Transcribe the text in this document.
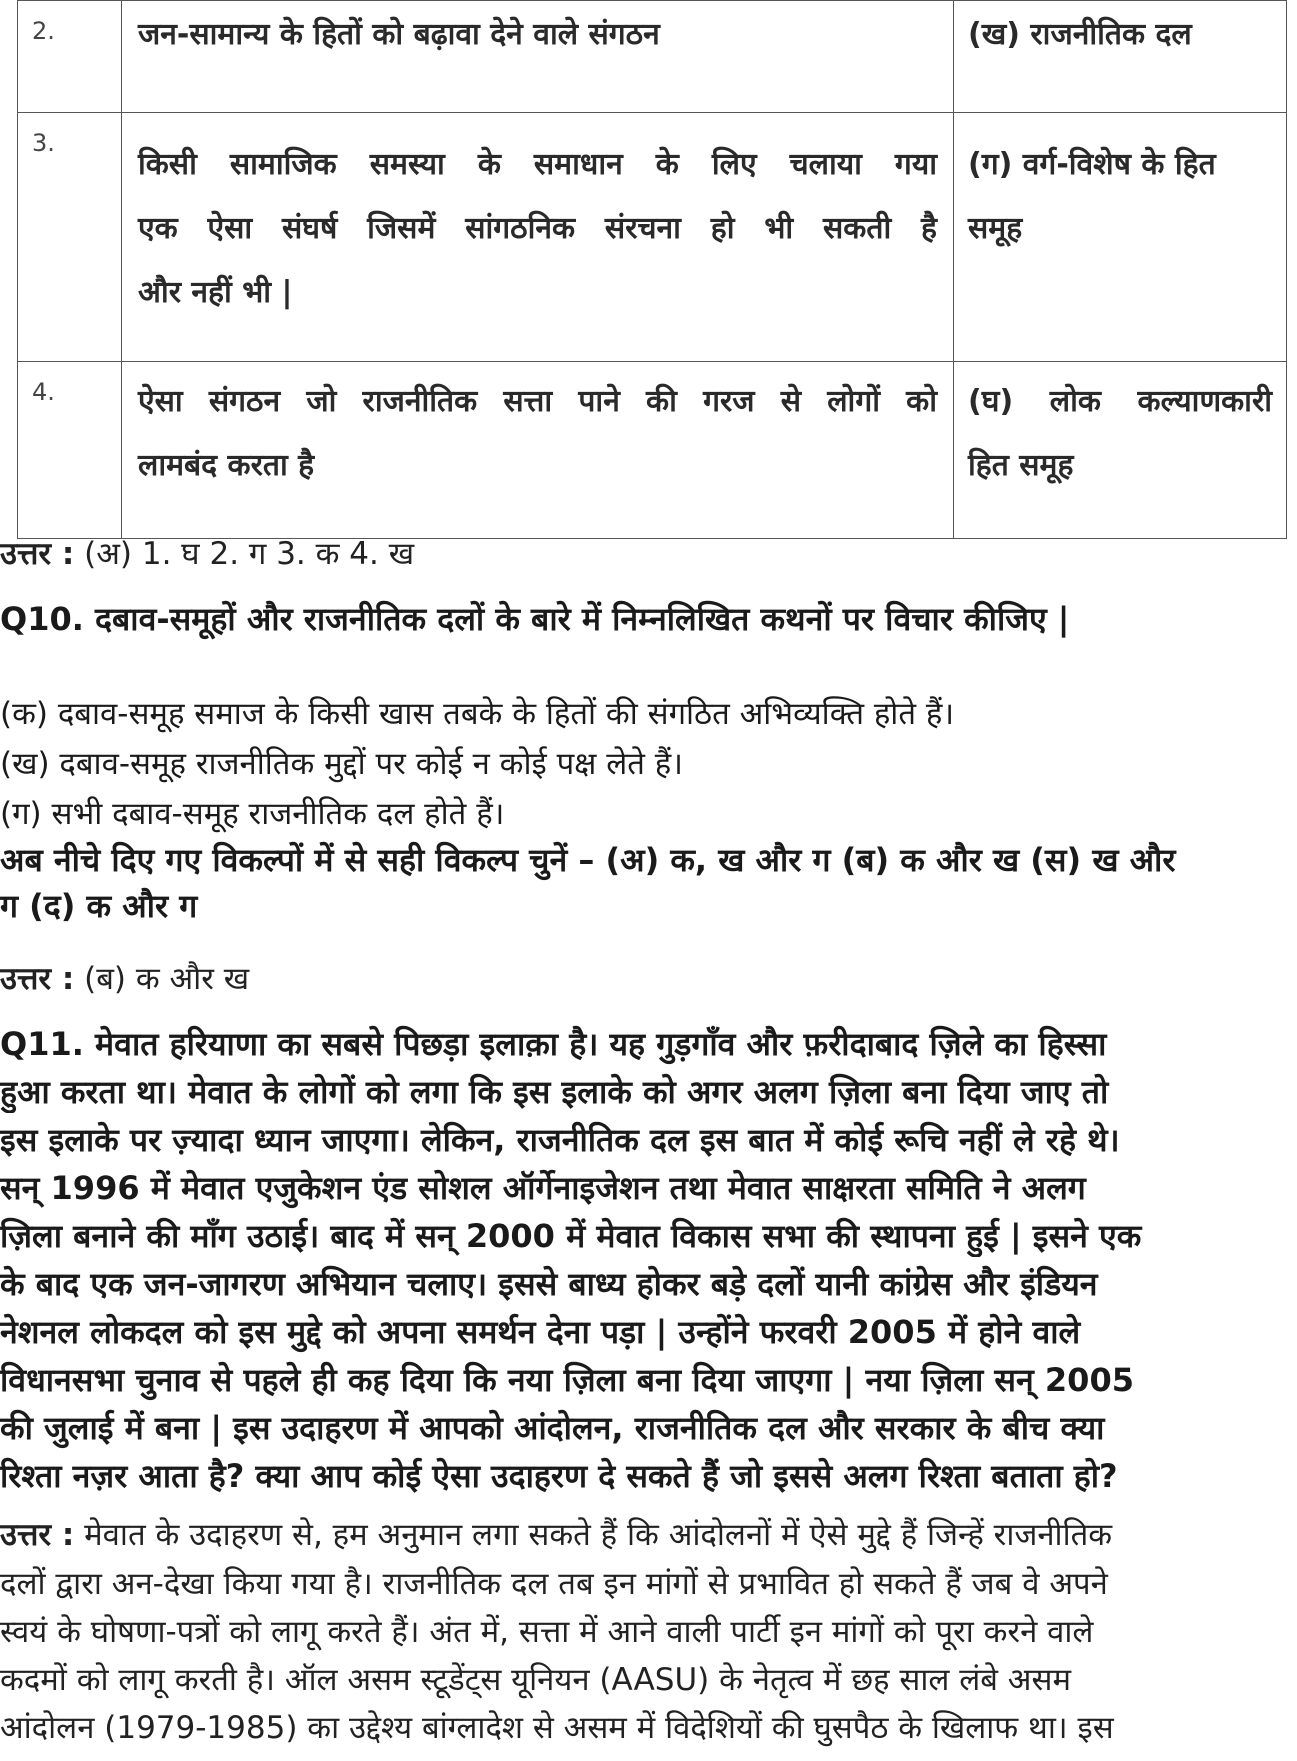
2.	जन-सामान्य के हितों को बढ़ावा देने वाले संगठन	(ख) राजनीतिक दल
3.	किसी सामाजिक समस्या के समाधान के लिए चलाया गया
एक ऐसा संघर्ष जिसमें सांगठनिक संरचना हो भी सकती है
और नहीं भी |	(ग) वर्ग-विशेष के हित समूह
4.	ऐसा संगठन जो राजनीतिक सत्ता पाने की गरज से लोगों को
लामबंद करता है	(घ) लोक कल्याणकारी
हित समूह
उत्तर : (अ) 1. घ 2. ग 3. क 4. ख
Q10. दबाव-समूहों और राजनीतिक दलों के बारे में निम्नलिखित कथनों पर विचार कीजिए |
(क) दबाव-समूह समाज के किसी खास तबके के हितों की संगठित अभिव्यक्ति होते हैं।
(ख) दबाव-समूह राजनीतिक मुद्दों पर कोई न कोई पक्ष लेते हैं।
(ग) सभी दबाव-समूह राजनीतिक दल होते हैं।
अब नीचे दिए गए विकल्पों में से सही विकल्प चुनें – (अ) क, ख और ग (ब) क और ख (स) ख और
ग (द) क और ग
उत्तर : (ब) क और ख
Q11. मेवात हरियाणा का सबसे पिछड़ा इलाक़ा है। यह गुड़गाँव और फ़रीदाबाद ज़िले का हिस्सा
हुआ करता था। मेवात के लोगों को लगा कि इस इलाके को अगर अलग ज़िला बना दिया जाए तो
इस इलाके पर ज़्यादा ध्यान जाएगा। लेकिन, राजनीतिक दल इस बात में कोई रूचि नहीं ले रहे थे।
सन् 1996 में मेवात एजुकेशन एंड सोशल ऑर्गेनाइजेशन तथा मेवात साक्षरता समिति ने अलग
ज़िला बनाने की माँग उठाई। बाद में सन् 2000 में मेवात विकास सभा की स्थापना हुई | इसने एक
के बाद एक जन-जागरण अभियान चलाए। इससे बाध्य होकर बड़े दलों यानी कांग्रेस और इंडियन
नेशनल लोकदल को इस मुद्दे को अपना समर्थन देना पड़ा | उन्होंने फरवरी 2005 में होने वाले
विधानसभा चुनाव से पहले ही कह दिया कि नया ज़िला बना दिया जाएगा | नया ज़िला सन् 2005
की जुलाई में बना | इस उदाहरण में आपको आंदोलन, राजनीतिक दल और सरकार के बीच क्या
रिश्ता नज़र आता है? क्या आप कोई ऐसा उदाहरण दे सकते हैं जो इससे अलग रिश्ता बताता हो?
उत्तर : मेवात के उदाहरण से, हम अनुमान लगा सकते हैं कि आंदोलनों में ऐसे मुद्दे हैं जिन्हें राजनीतिक
दलों द्वारा अन-देखा किया गया है। राजनीतिक दल तब इन मांगों से प्रभावित हो सकते हैं जब वे अपने
स्वयं के घोषणा-पत्रों को लागू करते हैं। अंत में, सत्ता में आने वाली पार्टी इन मांगों को पूरा करने वाले
कदमों को लागू करती है। ऑल असम स्टूडेंट्स यूनियन (AASU) के नेतृत्व में छह साल लंबे असम
आंदोलन (1979-1985) का उद्देश्य बांग्लादेश से असम में विदेशियों की घुसपैठ के खिलाफ था। इस
